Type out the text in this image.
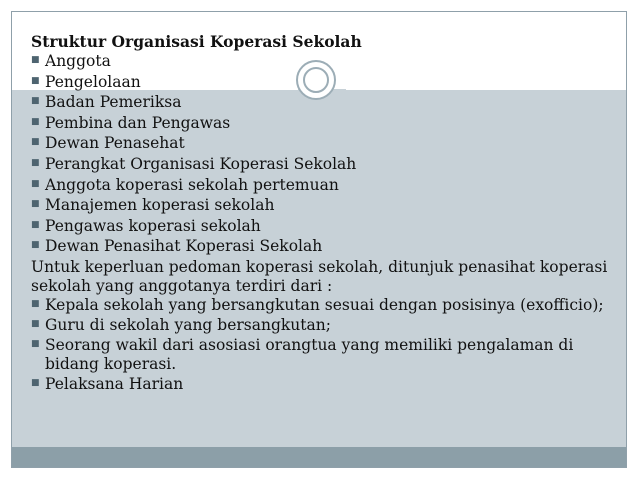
Struktur Organisasi Koperasi Sekolah
■ Anggota
■ Pengelolaan
■ Badan Pemeriksa
■ Pembina dan Pengawas
■ Dewan Penasehat
■ Perangkat Organisasi Koperasi Sekolah
■ Anggota koperasi sekolah pertemuan
■ Manajemen koperasi sekolah
■ Pengawas koperasi sekolah
■ Dewan Penasihat Koperasi Sekolah

Untuk keperluan pedoman koperasi sekolah, ditunjuk penasihat koperasi sekolah yang anggotanya terdiri dari :

■ Kepala sekolah yang bersangkutan sesuai dengan posisinya (exofficio);
■ Guru di sekolah yang bersangkutan;
■ Seorang wakil dari asosiasi orangtua yang memiliki pengalaman di bidang koperasi.
■ Pelaksana Harian
